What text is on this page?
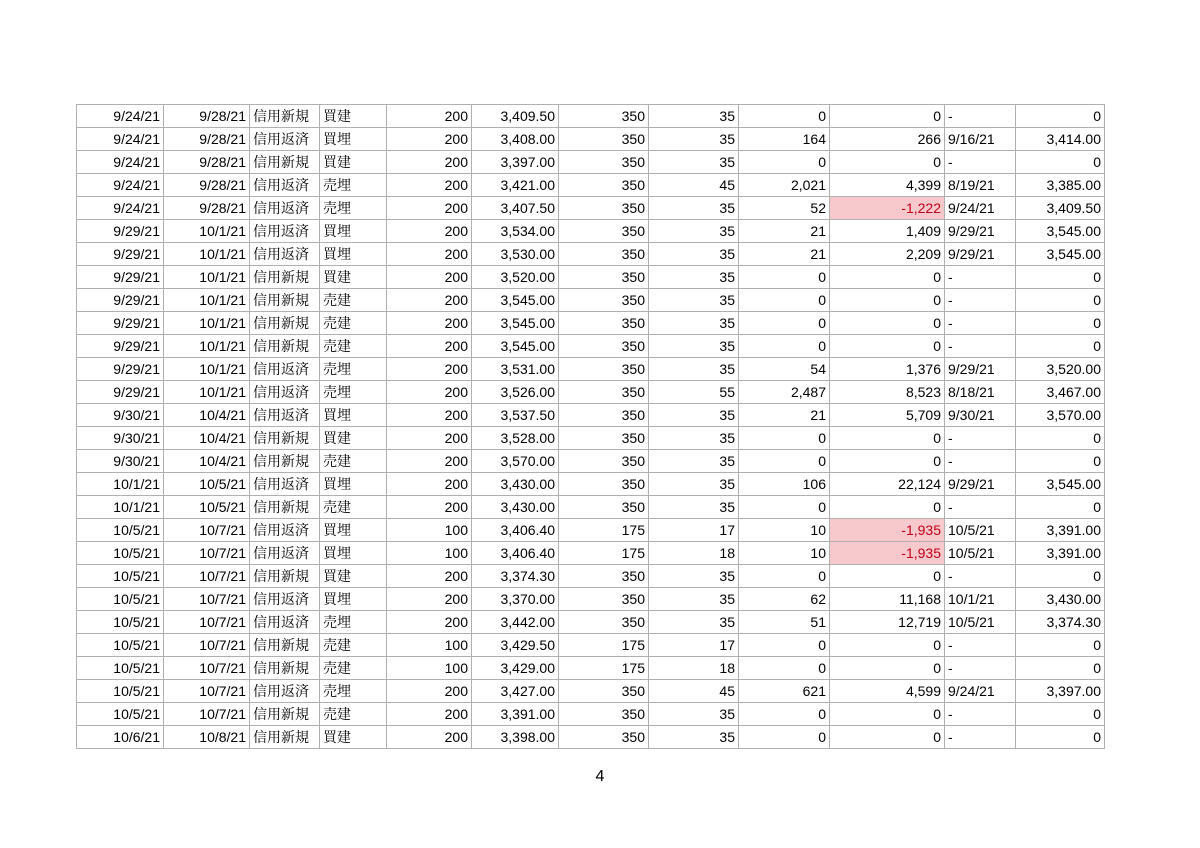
9/24/21	9/28/21	信用新規	買建	200	3,409.50	350	35	0	0	-	0
9/24/21	9/28/21	信用返済	買埋	200	3,408.00	350	35	164	266	9/16/21	3,414.00
9/24/21	9/28/21	信用新規	買建	200	3,397.00	350	35	0	0	-	0
9/24/21	9/28/21	信用返済	売埋	200	3,421.00	350	45	2,021	4,399	8/19/21	3,385.00
9/24/21	9/28/21	信用返済	売埋	200	3,407.50	350	35	52	-1,222	9/24/21	3,409.50
9/29/21	10/1/21	信用返済	買埋	200	3,534.00	350	35	21	1,409	9/29/21	3,545.00
9/29/21	10/1/21	信用返済	買埋	200	3,530.00	350	35	21	2,209	9/29/21	3,545.00
9/29/21	10/1/21	信用新規	買建	200	3,520.00	350	35	0	0	-	0
9/29/21	10/1/21	信用新規	売建	200	3,545.00	350	35	0	0	-	0
9/29/21	10/1/21	信用新規	売建	200	3,545.00	350	35	0	0	-	0
9/29/21	10/1/21	信用新規	売建	200	3,545.00	350	35	0	0	-	0
9/29/21	10/1/21	信用返済	売埋	200	3,531.00	350	35	54	1,376	9/29/21	3,520.00
9/29/21	10/1/21	信用返済	売埋	200	3,526.00	350	55	2,487	8,523	8/18/21	3,467.00
9/30/21	10/4/21	信用返済	買埋	200	3,537.50	350	35	21	5,709	9/30/21	3,570.00
9/30/21	10/4/21	信用新規	買建	200	3,528.00	350	35	0	0	-	0
9/30/21	10/4/21	信用新規	売建	200	3,570.00	350	35	0	0	-	0
10/1/21	10/5/21	信用返済	買埋	200	3,430.00	350	35	106	22,124	9/29/21	3,545.00
10/1/21	10/5/21	信用新規	売建	200	3,430.00	350	35	0	0	-	0
10/5/21	10/7/21	信用返済	買埋	100	3,406.40	175	17	10	-1,935	10/5/21	3,391.00
10/5/21	10/7/21	信用返済	買埋	100	3,406.40	175	18	10	-1,935	10/5/21	3,391.00
10/5/21	10/7/21	信用新規	買建	200	3,374.30	350	35	0	0	-	0
10/5/21	10/7/21	信用返済	買埋	200	3,370.00	350	35	62	11,168	10/1/21	3,430.00
10/5/21	10/7/21	信用返済	売埋	200	3,442.00	350	35	51	12,719	10/5/21	3,374.30
10/5/21	10/7/21	信用新規	売建	100	3,429.50	175	17	0	0	-	0
10/5/21	10/7/21	信用新規	売建	100	3,429.00	175	18	0	0	-	0
10/5/21	10/7/21	信用返済	売埋	200	3,427.00	350	45	621	4,599	9/24/21	3,397.00
10/5/21	10/7/21	信用新規	売建	200	3,391.00	350	35	0	0	-	0
10/6/21	10/8/21	信用新規	買建	200	3,398.00	350	35	0	0	-	0
4
